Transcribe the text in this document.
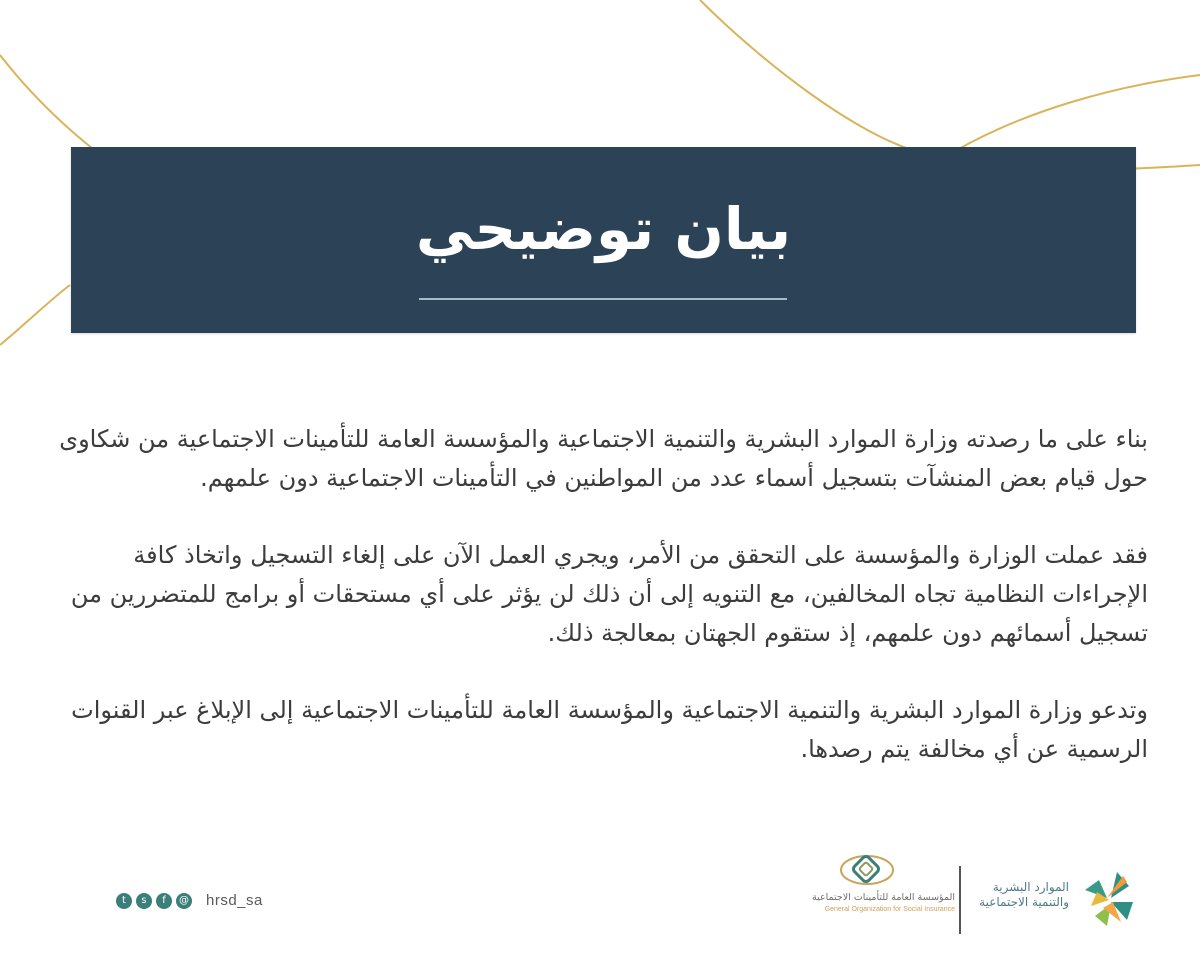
بيان توضيحي

بناء على ما رصدته وزارة الموارد البشرية والتنمية الاجتماعية والمؤسسة العامة للتأمينات الاجتماعية من شكاوى حول قيام بعض المنشآت بتسجيل أسماء عدد من المواطنين في التأمينات الاجتماعية دون علمهم.

فقد عملت الوزارة والمؤسسة على التحقق من الأمر، ويجري العمل الآن على إلغاء التسجيل واتخاذ كافة الإجراءات النظامية تجاه المخالفين، مع التنويه إلى أن ذلك لن يؤثر على أي مستحقات أو برامج للمتضررين من تسجيل أسمائهم دون علمهم، إذ ستقوم الجهتان بمعالجة ذلك.

وتدعو وزارة الموارد البشرية والتنمية الاجتماعية والمؤسسة العامة للتأمينات الاجتماعية إلى الإبلاغ عبر القنوات الرسمية عن أي مخالفة يتم رصدها.

t	s	f	@ hrsd_sa	المؤسسة العامة للتأمينات الاجتماعية
General Organization for Social Insurance
الموارد البشرية
والتنمية الاجتماعية
